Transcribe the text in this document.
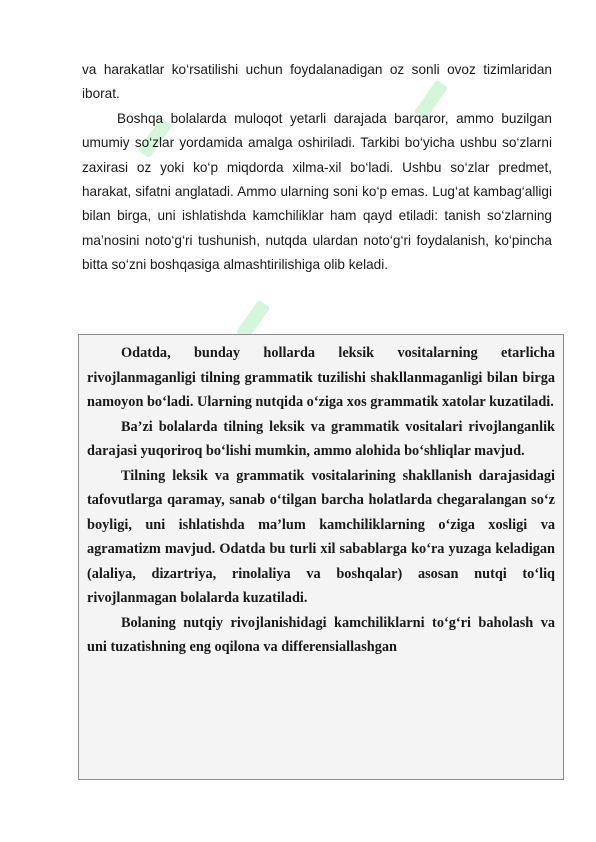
va harakatlar ko‘rsatilishi uchun foydalanadigan oz sonli ovoz tizimlaridan iborat.

Boshqa bolalarda muloqot yetarli darajada barqaror, ammo buzilgan umumiy so‘zlar yordamida amalga oshiriladi. Tarkibi bo‘yicha ushbu so‘zlarni zaxirasi oz yoki ko‘p miqdorda xilma-xil bo‘ladi. Ushbu so‘zlar predmet, harakat, sifatni anglatadi. Ammo ularning soni ko‘p emas. Lug‘at kambag‘alligi bilan birga, uni ishlatishda kamchiliklar ham qayd etiladi: tanish so‘zlarning ma’nosini noto‘g‘ri tushunish, nutqda ulardan noto‘g‘ri foydalanish, ko‘pincha bitta so‘zni boshqasiga almashtirilishiga olib keladi.

Odatda, bunday hollarda leksik vositalarning etarlicha rivojlanmaganligi tilning grammatik tuzilishi shakllanmaganligi bilan birga namoyon bo‘ladi. Ularning nutqida o‘ziga xos grammatik xatolar kuzatiladi.

Ba’zi bolalarda tilning leksik va grammatik vositalari rivojlanganlik darajasi yuqoriroq bo‘lishi mumkin, ammo alohida bo‘shliqlar mavjud.

Tilning leksik va grammatik vositalarining shakllanish darajasidagi tafovutlarga qaramay, sanab o‘tilgan barcha holatlarda chegaralangan so‘z boyligi, uni ishlatishda ma’lum kamchiliklarning o‘ziga xosligi va agramatizm mavjud. Odatda bu turli xil sabablarga ko‘ra yuzaga keladigan (alaliya, dizartriya, rinolaliya va boshqalar) asosan nutqi to‘liq rivojlanmagan bolalarda kuzatiladi.

Bolaning nutqiy rivojlanishidagi kamchiliklarni to‘g‘ri baholash va uni tuzatishning eng oqilona va differensiallashgan
